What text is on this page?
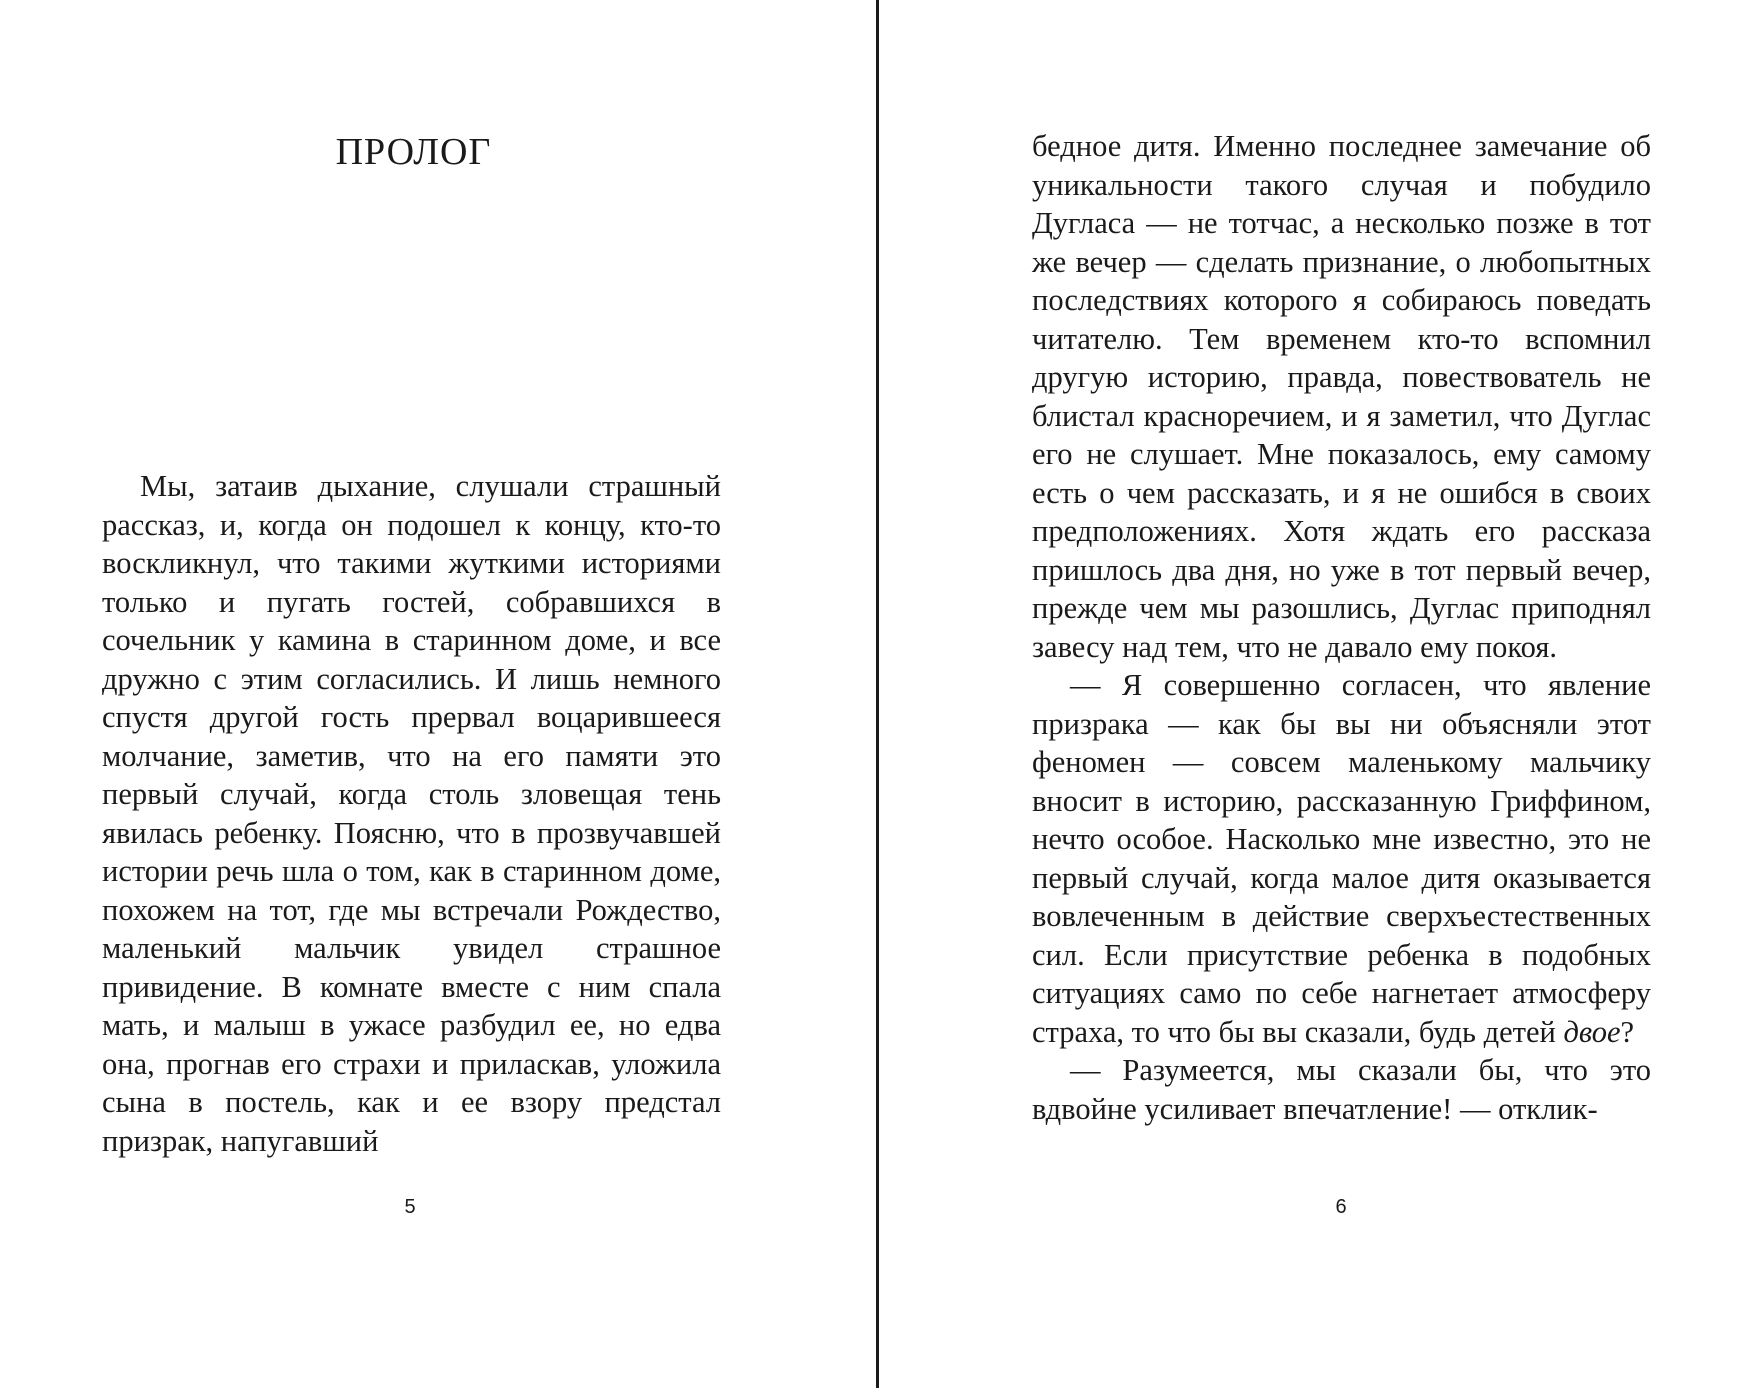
ПРОЛОГ

Мы, затаив дыхание, слушали страшный рассказ, и, когда он подошел к концу, кто-то воскликнул, что такими жуткими историями только и пугать гостей, собравшихся в сочельник у камина в старинном доме, и все дружно с этим согласились. И лишь немного спустя другой гость прервал воцарившееся молчание, заметив, что на его памяти это первый случай, когда столь зловещая тень явилась ребенку. Поясню, что в прозвучавшей истории речь шла о том, как в старинном доме, похожем на тот, где мы встречали Рождество, маленький мальчик увидел страшное привидение. В комнате вместе с ним спала мать, и малыш в ужасе разбудил ее, но едва она, прогнав его страхи и приласкав, уложила сына в постель, как и ее взору предстал призрак, напугавший

5

бедное дитя. Именно последнее замечание об уникальности такого случая и побудило Дугласа — не тотчас, а несколько позже в тот же вечер — сделать признание, о любопытных последствиях которого я собираюсь поведать читателю. Тем временем кто-то вспомнил другую историю, правда, повествователь не блистал красноречием, и я заметил, что Дуглас его не слушает. Мне показалось, ему самому есть о чем рассказать, и я не ошибся в своих предположениях. Хотя ждать его рассказа пришлось два дня, но уже в тот первый вечер, прежде чем мы разошлись, Дуглас приподнял завесу над тем, что не давало ему покоя.

— Я совершенно согласен, что явление призрака — как бы вы ни объясняли этот феномен — совсем маленькому мальчику вносит в историю, рассказанную Гриффином, нечто особое. Насколько мне известно, это не первый случай, когда малое дитя оказывается вовлеченным в действие сверхъестественных сил. Если присутствие ребенка в подобных ситуациях само по себе нагнетает атмосферу страха, то что бы вы сказали, будь детей двое?

— Разумеется, мы сказали бы, что это вдвойне усиливает впечатление! — отклик-

6
